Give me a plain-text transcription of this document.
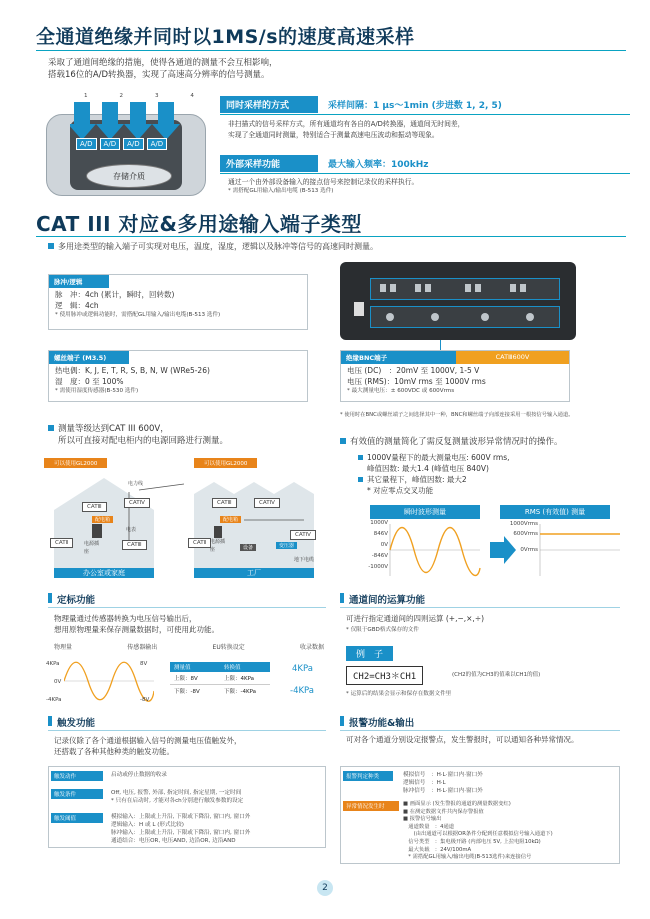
全通道绝缘并同时以1MS/s的速度高速采样
采取了通道间绝缘的措施，使得各通道的测量不会互相影响，
搭载16位的A/D转换器，实现了高速高分辨率的信号测量。
1	2	3	4
A/D	A/D	A/D	A/D
存储介质
同时采样的方式	采样间隔：1 μs～1min (步进数 1, 2, 5)
非扫描式的信号采样方式，所有通道均有各自的A/D转换器，通道间无时间差，
实现了全通道同时测量，特别适合于测量高速电压波动和振动等现象。
外部采样功能	最大输入频率：100kHz
通过一个由外部设备输入的接点信号来控制记录仪的采样执行。
* 需搭配GL用输入/输出电缆 (B-513 选件)
CAT III 对应&多用途输入端子类型
多用途类型的输入端子可实现对电压，温度，湿度，逻辑以及脉冲等信号的高速同时测量。
脉冲/逻辑
脉　冲：4ch (累计，瞬时，回转数)
逻　辑：4ch
* 使用脉冲或逻辑功能时，需搭配GL用输入/输出电缆(B-513 选件)
螺丝端子 (M3.5)
热电偶：K, J, E, T, R, S, B, N, W (WRe5-26)
湿　度：0 至 100%
* 需使用湿度传感器(B-530 选件)
绝缘BNC端子	CATⅢ600V
电压 (DC)　：20mV 至 1000V, 1-5 V
电压 (RMS)：10mV rms 至 1000V rms
* 最大测量电压：± 600VDC 或 600Vrms
* 使用时在BNC或螺丝端子之间选择其中一种，BNC和螺丝端子向部连接采用一根按信号输入通道。
测量等级达到CAT III 600V，
所以可直接对配电柜内的电源回路进行测量。
可以使用GL2000	可以使用GL2000
电力线
CATⅢ
CATⅣ
配电箱
电表
CATⅡ	电源插座
CATⅢ
CATⅢ	CATⅣ
配电箱
CATⅣ
CATⅡ 电源插座	设备	变压器
地下电缆
办公室或家庭	工厂
有效值的测量简化了需反复测量波形异常情况时的操作。
1000V量程下的最大测量电压: 600V rms,
峰值因数: 最大1.4 (峰值电压 840V)
其它量程下，峰值因数: 最大2
* 对应零点交叉功能
瞬时波形测量	RMS (有效值) 测量
1000V
846V
0V
-846V
-1000V
1000Vrms
600Vrms
0Vrms
定标功能
物理量通过传感器转换为电压信号输出后，
想用原物理量来保存测量数据时，可使用此功能。
物理量	传感器输出	EU转换设定	收录数据
4KPa
0V
-4KPa
8V
-8V
测量值	转换值
上限：8V	上限：4KPa
下限：-8V	下限：-4KPa
4KPa
-4KPa
通道间的运算功能
可进行指定通道间的四则运算 (+,−,×,÷)
* 仅限于GBD格式保存的文件
例　子
CH2=CH3＊CH1	(CH2的值为CH3的值乘以CH1的值)
* 运算后的结果会显示和保存在数据文件里
触发功能
记录仪除了各个通道根据输入信号的测量电压值触发外，
还搭载了各种其他种类的触发功能。
触发动作	启动或停止数据的收录
触发条件	Off, 电压, 报警, 外部, 指定时间, 指定星期, 一定时间
* 只有在启动时, 才能对各ch分别进行触发参数的设定
触发阈值	模拟输入：上限或上升沿, 下限或下降沿, 窗口内, 窗口外
逻辑输入：H 或 L (形式比较)
脉冲输入：上限或上升沿, 下限或下降沿, 窗口内, 窗口外
通道结合：电压OR, 电压AND, 边沿OR, 边沿AND
报警功能&输出
可对各个通道分别设定报警点，发生警报时，可以通知各种异常情况。
报警判定种类	模拟信号　：H·L·窗口内·窗口外
逻辑信号　：H·L
脉冲信号　：H·L·窗口内·窗口外
异常情况发生时	■ 画面显示 (发生警报的通道的测量数据变红)
■ 在测定数据文件共内保存警报值
■ 报警信号输出
　通道数量　：4通道
　　(由出通道可以根据OR条件分配到任意模拟信号输入通道下)
　信号类型　：集电极开路 (内部电压 5V, 上拉电阻10kΩ)
　最大负载　：24V/100mA
　* 需搭配GL用输入/输出电缆(B-513选件)来连接信号
2
